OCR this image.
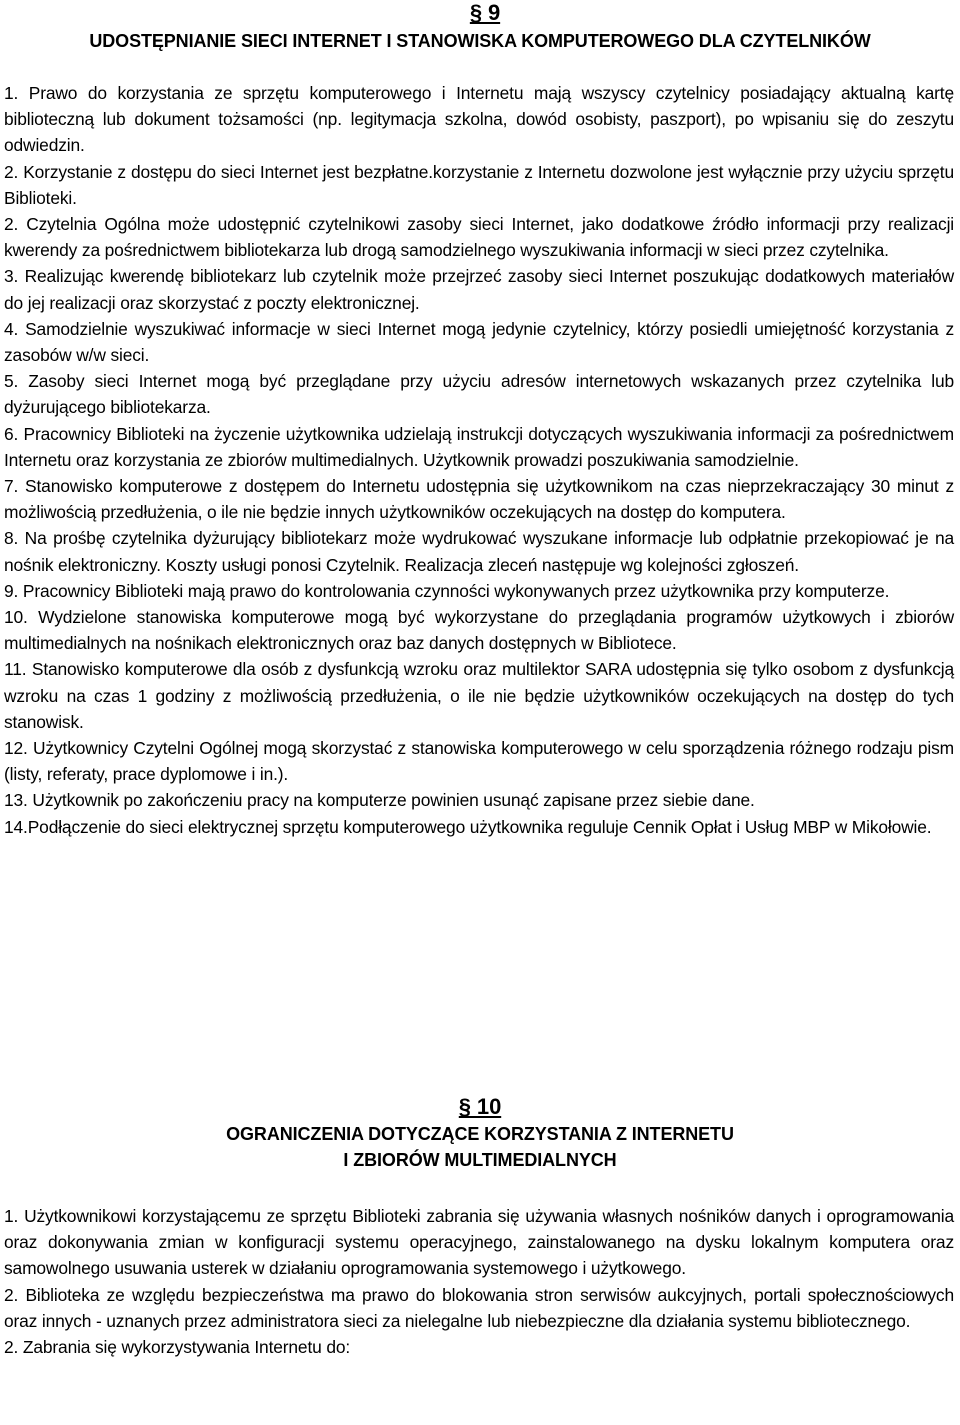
§ 9
UDOSTĘPNIANIE SIECI INTERNET I STANOWISKA KOMPUTEROWEGO DLA CZYTELNIKÓW

1. Prawo do korzystania ze sprzętu komputerowego i Internetu mają wszyscy czytelnicy posiadający aktualną kartę biblioteczną lub dokument tożsamości (np. legitymacja szkolna, dowód osobisty, paszport), po wpisaniu się do zeszytu odwiedzin.

2. Korzystanie z dostępu do sieci Internet jest bezpłatne.korzystanie z Internetu dozwolone jest wyłącznie przy użyciu sprzętu Biblioteki.

2. Czytelnia Ogólna może udostępnić czytelnikowi zasoby sieci Internet, jako dodatkowe źródło informacji przy realizacji kwerendy za pośrednictwem bibliotekarza lub drogą samodzielnego wyszukiwania informacji w sieci przez czytelnika.

3. Realizując kwerendę bibliotekarz lub czytelnik może przejrzeć zasoby sieci Internet poszukując dodatkowych materiałów do jej realizacji oraz skorzystać z poczty elektronicznej.

4. Samodzielnie wyszukiwać informacje w sieci Internet mogą jedynie czytelnicy, którzy posiedli umiejętność korzystania z zasobów w/w sieci.

5. Zasoby sieci Internet mogą być przeglądane przy użyciu adresów internetowych wskazanych przez czytelnika lub dyżurującego bibliotekarza.

6. Pracownicy Biblioteki na życzenie użytkownika udzielają instrukcji dotyczących wyszukiwania informacji za pośrednictwem Internetu oraz korzystania ze zbiorów multimedialnych. Użytkownik prowadzi poszukiwania samodzielnie.

7. Stanowisko komputerowe z dostępem do Internetu udostępnia się użytkownikom na czas nieprzekraczający 30 minut z możliwością przedłużenia, o ile nie będzie innych użytkowników oczekujących na dostęp do komputera.

8. Na prośbę czytelnika dyżurujący bibliotekarz może wydrukować wyszukane informacje lub odpłatnie przekopiować je na nośnik elektroniczny. Koszty usługi ponosi Czytelnik. Realizacja zleceń następuje wg kolejności zgłoszeń.

9. Pracownicy Biblioteki mają prawo do kontrolowania czynności wykonywanych przez użytkownika przy komputerze.

10. Wydzielone stanowiska komputerowe mogą być wykorzystane do przeglądania programów użytkowych i zbiorów multimedialnych na nośnikach elektronicznych oraz baz danych dostępnych w Bibliotece.

11. Stanowisko komputerowe dla osób z dysfunkcją wzroku oraz multilektor SARA udostępnia się tylko osobom z dysfunkcją wzroku na czas 1 godziny z możliwością przedłużenia, o ile nie będzie użytkowników oczekujących na dostęp do tych stanowisk.

12. Użytkownicy Czytelni Ogólnej mogą skorzystać z stanowiska komputerowego w celu sporządzenia różnego rodzaju pism (listy, referaty, prace dyplomowe i in.).

13. Użytkownik po zakończeniu pracy na komputerze powinien usunąć zapisane przez siebie dane.

14.Podłączenie do sieci elektrycznej sprzętu komputerowego użytkownika reguluje Cennik Opłat i Usług MBP w Mikołowie.

§ 10
OGRANICZENIA DOTYCZĄCE KORZYSTANIA Z INTERNETU
I ZBIORÓW MULTIMEDIALNYCH

1. Użytkownikowi korzystającemu ze sprzętu Biblioteki zabrania się używania własnych nośników danych i oprogramowania oraz dokonywania zmian w konfiguracji systemu operacyjnego, zainstalowanego na dysku lokalnym komputera oraz samowolnego usuwania usterek w działaniu oprogramowania systemowego i użytkowego.

2. Biblioteka ze względu bezpieczeństwa ma prawo do blokowania stron serwisów aukcyjnych, portali społecznościowych oraz innych - uznanych przez administratora sieci za nielegalne lub niebezpieczne dla działania systemu bibliotecznego.

2. Zabrania się wykorzystywania Internetu do:
